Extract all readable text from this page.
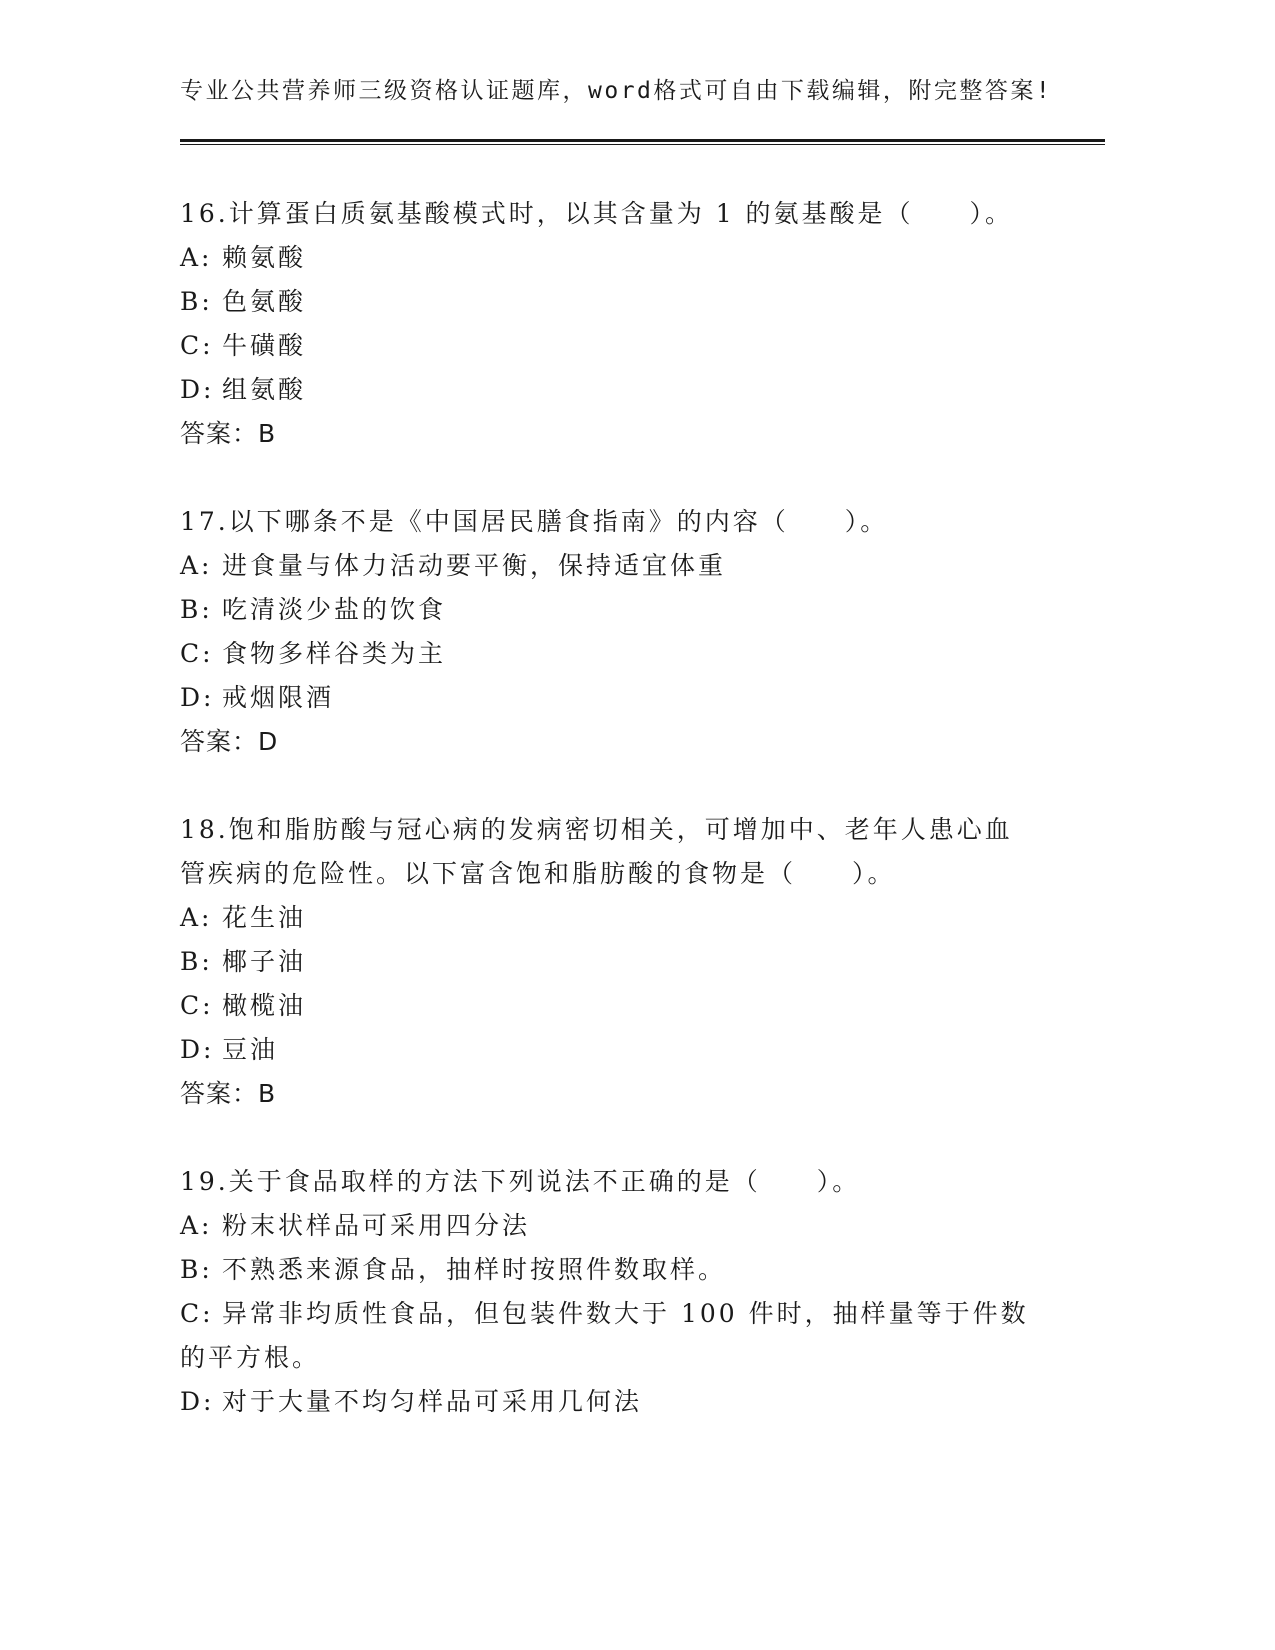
专业公共营养师三级资格认证题库，word格式可自由下载编辑，附完整答案!

16.计算蛋白质氨基酸模式时，以其含量为 1 的氨基酸是（　　）。

A: 赖氨酸

B: 色氨酸

C: 牛磺酸

D: 组氨酸

答案：B

17.以下哪条不是《中国居民膳食指南》的内容（　　）。

A: 进食量与体力活动要平衡，保持适宜体重

B: 吃清淡少盐的饮食

C: 食物多样谷类为主

D: 戒烟限酒

答案：D

18.饱和脂肪酸与冠心病的发病密切相关，可增加中、老年人患心血管疾病的危险性。以下富含饱和脂肪酸的食物是（　　）。

A: 花生油

B: 椰子油

C: 橄榄油

D: 豆油

答案：B

19.关于食品取样的方法下列说法不正确的是（　　）。

A: 粉末状样品可采用四分法

B: 不熟悉来源食品，抽样时按照件数取样。

C: 异常非均质性食品，但包装件数大于 100 件时，抽样量等于件数的平方根。

D: 对于大量不均匀样品可采用几何法
